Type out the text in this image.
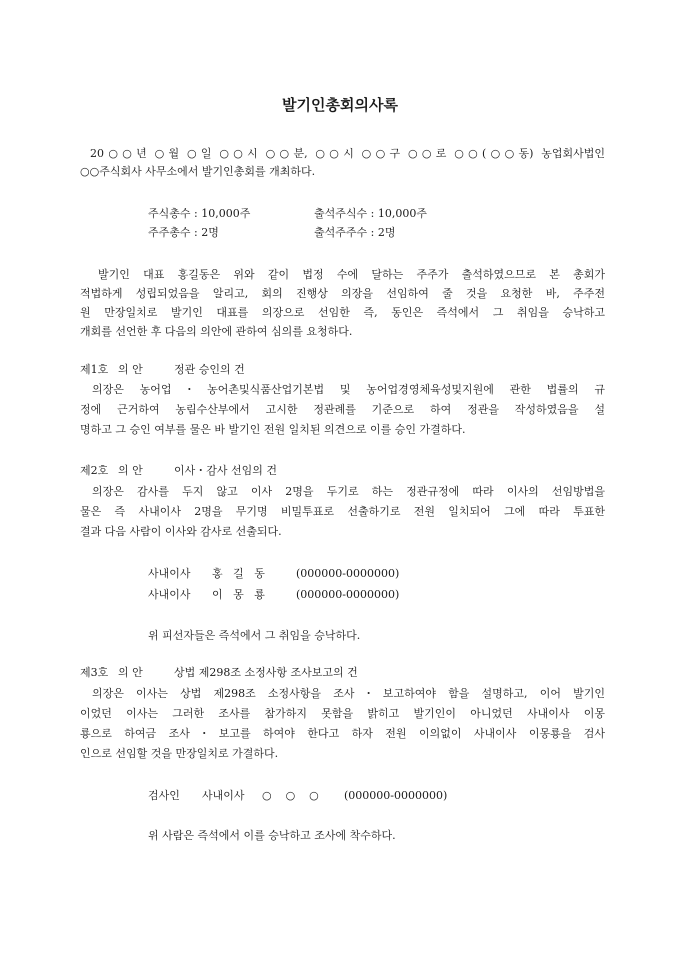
발기인총회의사록
20○○년 ○월 ○일 ○○시 ○○분, ○○시 ○○구 ○○로 ○○(○○동) 농업회사법인
○○주식회사 사무소에서 발기인총회를 개최하다.
주식총수 : 10,000주	출석주식수 : 10,000주
주주총수 : 2명	출석주주수 : 2명
발기인 대표 홍길동은 위와 같이 법정 수에 달하는 주주가 출석하였으므로 본 총회가
적법하게 성립되었음을 알리고, 회의 진행상 의장을 선임하여 줄 것을 요청한 바, 주주전
원 만장일치로 발기인 대표를 의장으로 선임한 즉, 동인은 즉석에서 그 취임을 승낙하고
개회를 선언한 후 다음의 의안에 관하여 심의를 요청하다.
제1호 의 안	정관 승인의 건
의장은 농어업・농어촌및식품산업기본법 및 농어업경영체육성및지원에 관한 법률의 규
정에 근거하여 농림수산부에서 고시한 정관례를 기준으로 하여 정관을 작성하였음을 설
명하고 그 승인 여부를 물은 바 발기인 전원 일치된 의견으로 이를 승인 가결하다.
제2호 의 안	이사・감사 선임의 건
의장은 감사를 두지 않고 이사 2명을 두기로 하는 정관규정에 따라 이사의 선임방법을
물은 즉 사내이사 2명을 무기명 비밀투표로 선출하기로 전원 일치되어 그에 따라 투표한
결과 다음 사람이 이사와 감사로 선출되다.
사내이사 홍   길   동	(000000-0000000)
사내이사 이   몽   룡	(000000-0000000)
위 피선자들은 즉석에서 그 취임을 승낙하다.
제3호 의 안	상법 제298조 소정사항 조사보고의 건
의장은 이사는 상법 제298조 소정사항을 조사・보고하여야 함을 설명하고, 이어 발기인
이었던 이사는 그러한 조사를 참가하지 못함을 밝히고 발기인이 아니었던 사내이사 이몽
룡으로 하여금 조사・보고를 하여야 한다고 하자 전원 이의없이 사내이사 이몽룡을 검사
인으로 선임할 것을 만장일치로 가결하다.
검사인 사내이사 ○    ○    ○ (000000-0000000)
위 사람은 즉석에서 이를 승낙하고 조사에 착수하다.
